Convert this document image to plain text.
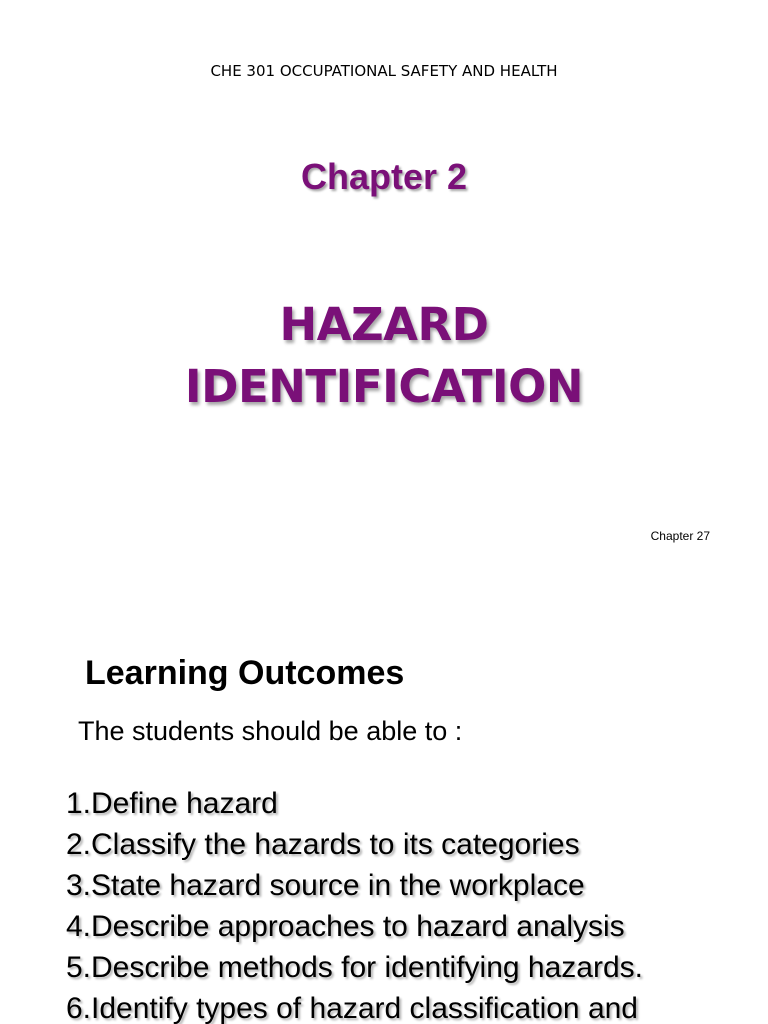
CHE 301 OCCUPATIONAL SAFETY AND HEALTH
Chapter 2
HAZARD
IDENTIFICATION
Chapter 27
Learning Outcomes
The students should be able to :
1.Define hazard
2.Classify the hazards to its categories
3.State hazard source in the workplace
4.Describe approaches to hazard analysis
5.Describe methods for identifying hazards.
6.Identify types of hazard classification and
